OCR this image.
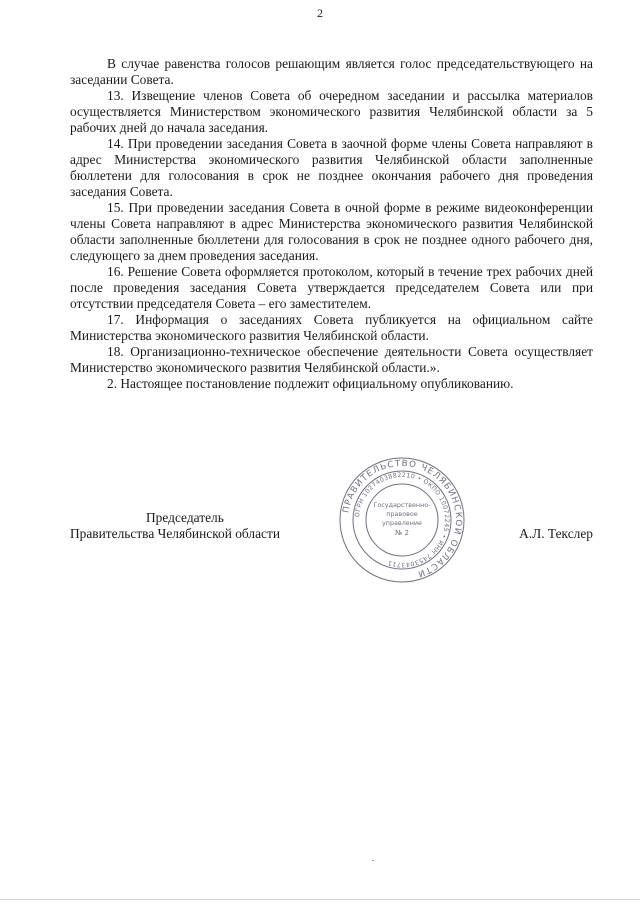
2

В случае равенства голосов решающим является голос председательствующего на заседании Совета.

13. Извещение членов Совета об очередном заседании и рассылка материалов осуществляется Министерством экономического развития Челябинской области за 5 рабочих дней до начала заседания.

14. При проведении заседания Совета в заочной форме члены Совета направляют в адрес Министерства экономического развития Челябинской области заполненные бюллетени для голосования в срок не позднее окончания рабочего дня проведения заседания Совета.

15. При проведении заседания Совета в очной форме в режиме видеоконференции члены Совета направляют в адрес Министерства экономического развития Челябинской области заполненные бюллетени для голосования в срок не позднее одного рабочего дня, следующего за днем проведения заседания.

16. Решение Совета оформляется протоколом, который в течение трех рабочих дней после проведения заседания Совета утверждается председателем Совета или при отсутствии председателя Совета – его заместителем.

17. Информация о заседаниях Совета публикуется на официальном сайте Министерства экономического развития Челябинской области.

18. Организационно-техническое обеспечение деятельности Совета осуществляет Министерство экономического развития Челябинской области.».

2. Настоящее постановление подлежит официальному опубликованию.

Председатель
Правительства Челябинской области	А.Л. Текслер
ПРАВИТЕЛЬСТВО ЧЕЛЯБИНСКОЙ ОБЛАСТИ
ОГРН 1027403882210 • ОКПО 10072245 • ИНН 7453043711
Государственно-
правовое
управление
№ 2
